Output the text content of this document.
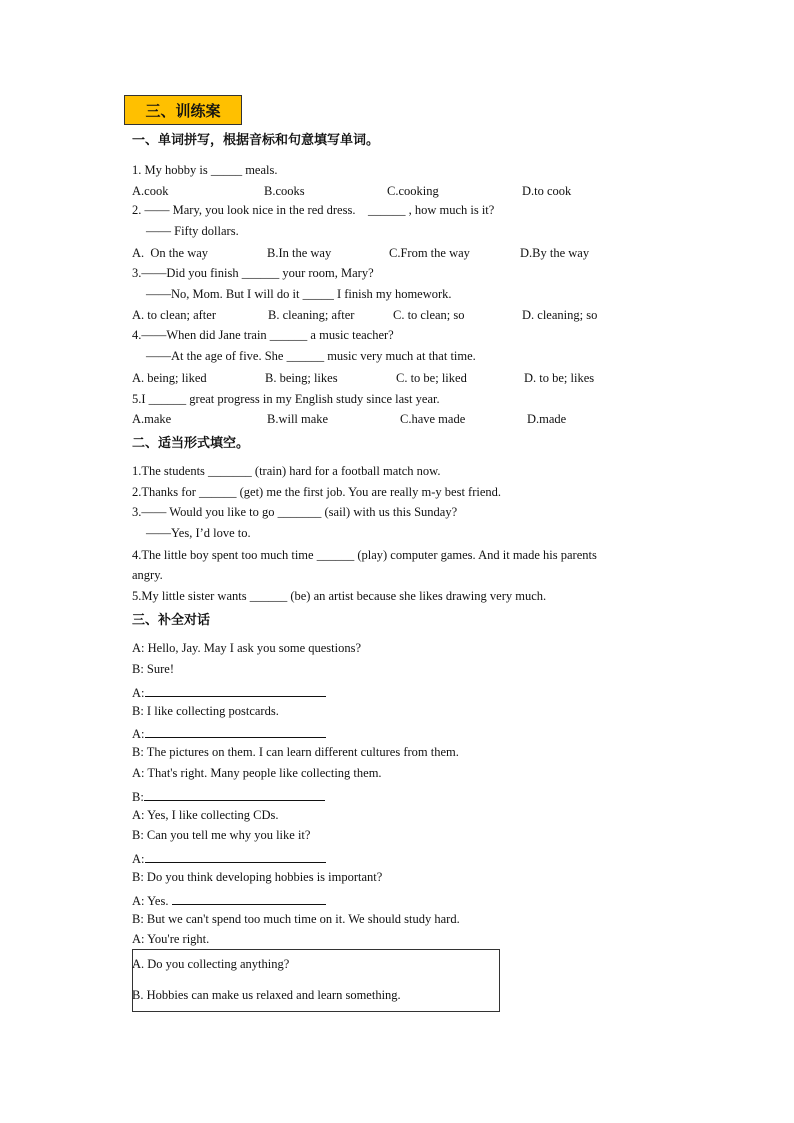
三、训练案
一、单词拼写，根据音标和句意填写单词。
1. My hobby is _____ meals.
A.cook	B.cooks	C.cooking	D.to cook
2. —— Mary, you look nice in the red dress.    ______ , how much is it?
—— Fifty dollars.
A.  On the way	B.In the way	C.From the way	D.By the way
3.——Did you finish ______ your room, Mary?
——No, Mom. But I will do it _____ I finish my homework.
A. to clean; after	B. cleaning; after	C. to clean; so	D. cleaning; so
4.——When did Jane train ______ a music teacher?
——At the age of five. She ______ music very much at that time.
A. being; liked	B. being; likes	C. to be; liked	D. to be; likes
5.I ______ great progress in my English study since last year.
A.make	B.will make	C.have made	D.made
二、适当形式填空。
1.The students _______ (train) hard for a football match now.
2.Thanks for ______ (get) me the first job. You are really m-y best friend.
3.—— Would you like to go _______ (sail) with us this Sunday?
——Yes, I’d love to.
4.The little boy spent too much time ______ (play) computer games. And it made his parents
angry.
5.My little sister wants ______ (be) an artist because she likes drawing very much.
三、补全对话
A: Hello, Jay. May I ask you some questions?
B: Sure!
A:
B: I like collecting postcards.
A:
B: The pictures on them. I can learn different cultures from them.
A: That's right. Many people like collecting them.
B:
A: Yes, I like collecting CDs.
B: Can you tell me why you like it?
A:
B: Do you think developing hobbies is important?
A: Yes.
B: But we can't spend too much time on it. We should study hard.
A: You're right.
A. Do you collecting anything?
B. Hobbies can make us relaxed and learn something.
